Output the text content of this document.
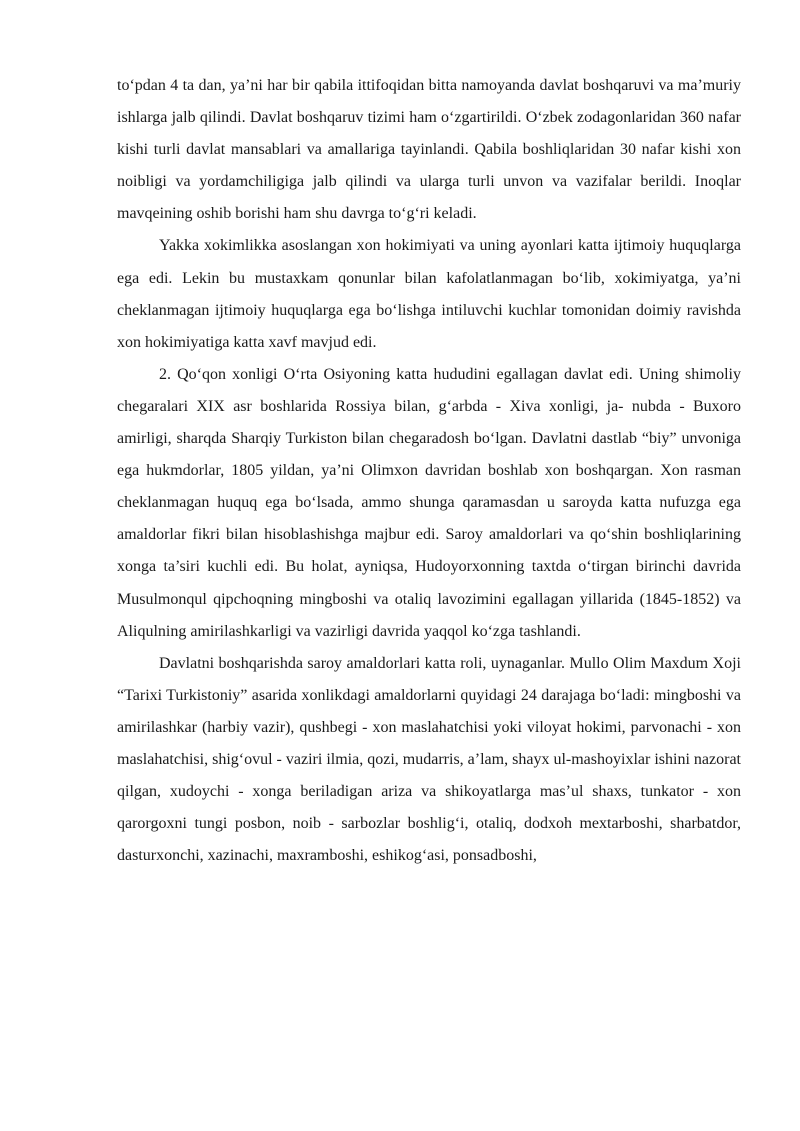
to‘pdan 4 ta dan, ya’ni har bir qabila ittifoqidan bitta namoyanda davlat boshqaruvi va ma’muriy ishlarga jalb qilindi. Davlat boshqaruv tizimi ham o‘zgartirildi. O‘zbek zodagonlaridan 360 nafar kishi turli davlat mansablari va amallariga tayinlandi. Qabila boshliqlaridan 30 nafar kishi xon noibligi va yordamchiligiga jalb qilindi va ularga turli unvon va vazifalar berildi. Inoqlar mavqeining oshib borishi ham shu davrga to‘g‘ri keladi.

Yakka xokimlikka asoslangan xon hokimiyati va uning ayonlari katta ijtimoiy huquqlarga ega edi. Lekin bu mustaxkam qonunlar bilan kafolatlanmagan bo‘lib, xokimiyatga, ya’ni cheklanmagan ijtimoiy huquqlarga ega bo‘lishga intiluvchi kuchlar tomonidan doimiy ravishda xon hokimiyatiga katta xavf mavjud edi.

2. Qo‘qon xonligi O‘rta Osiyoning katta hududini egallagan davlat edi. Uning shimoliy chegaralari XIX asr boshlarida Rossiya bilan, g‘arbda - Xiva xonligi, ja- nubda - Buxoro amirligi, sharqda Sharqiy Turkiston bilan chegaradosh bo‘lgan. Davlatni dastlab “biy” unvoniga ega hukmdorlar, 1805 yildan, ya’ni Olimxon davridan boshlab xon boshqargan. Xon rasman cheklanmagan huquq ega bo‘lsada, ammo shunga qaramasdan u saroyda katta nufuzga ega amaldorlar fikri bilan hisoblashishga majbur edi. Saroy amaldorlari va qo‘shin boshliqlarining xonga ta’siri kuchli edi. Bu holat, ayniqsa, Hudoyorxonning taxtda o‘tirgan birinchi davrida Musulmonqul qipchoqning mingboshi va otaliq lavozimini egallagan yillarida (1845-1852) va Aliqulning amirilashkarligi va vazirligi davrida yaqqol ko‘zga tashlandi.

Davlatni boshqarishda saroy amaldorlari katta roli, uynaganlar. Mullo Olim Maxdum Xoji “Tarixi Turkistoniy” asarida xonlikdagi amaldorlarni quyidagi 24 darajaga bo‘ladi: mingboshi va amirilashkar (harbiy vazir), qushbegi - xon maslahatchisi yoki viloyat hokimi, parvonachi - xon maslahatchisi, shig‘ovul - vaziri ilmia, qozi, mudarris, a’lam, shayx ul-mashoyixlar ishini nazorat qilgan, xudoychi - xonga beriladigan ariza va shikoyatlarga mas’ul shaxs, tunkator - xon qarorgoxni tungi posbon, noib - sarbozlar boshlig‘i, otaliq, dodxoh mextarboshi, sharbatdor, dasturxonchi, xazinachi, maxramboshi, eshikog‘asi, ponsadboshi,
